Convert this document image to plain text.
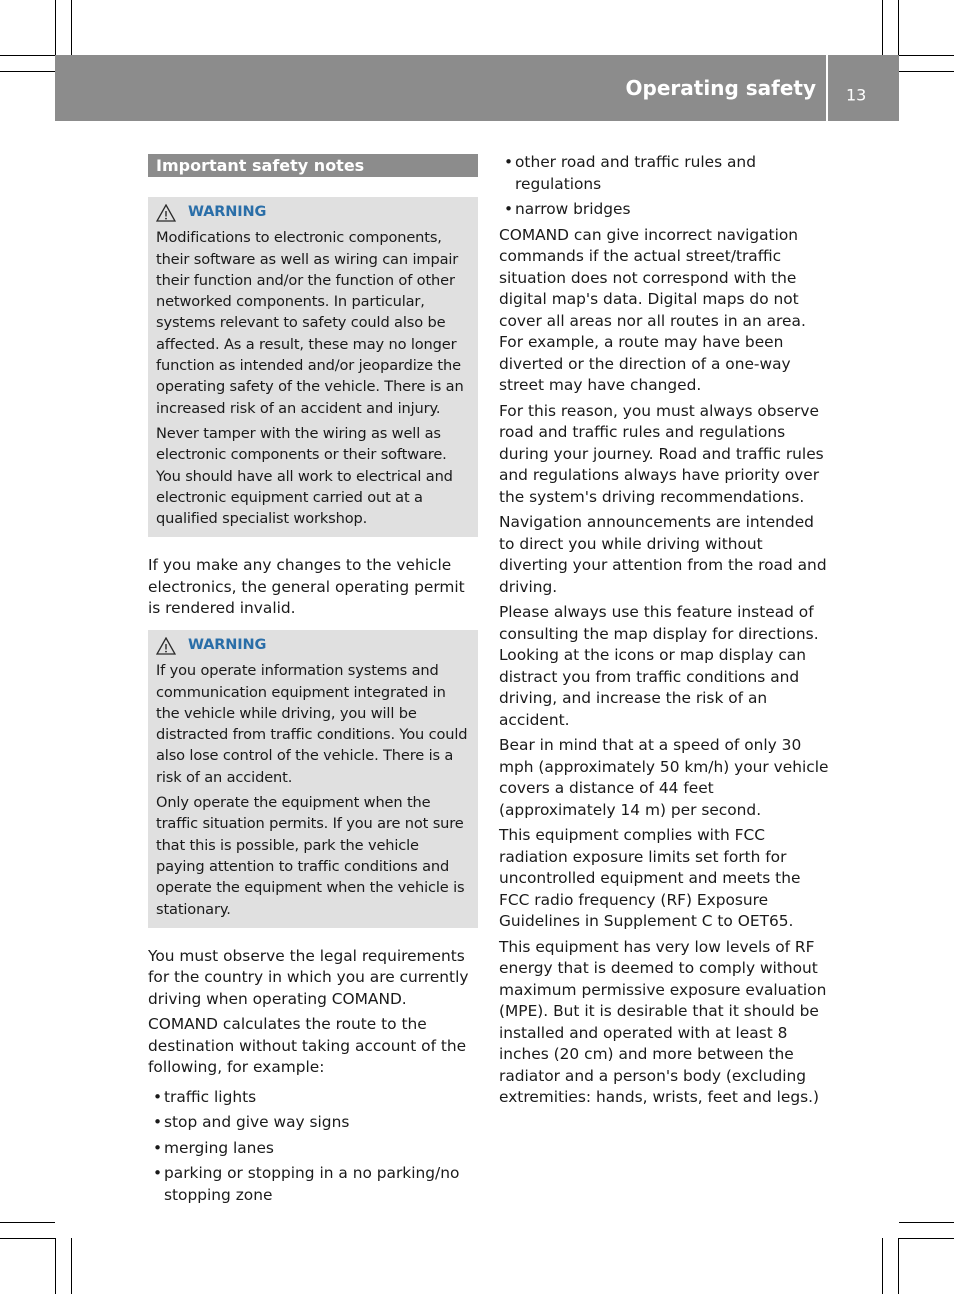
Operating safety 13
Important safety notes
WARNING

Modifications to electronic components, their software as well as wiring can impair their function and/or the function of other networked components. In particular, systems relevant to safety could also be affected. As a result, these may no longer function as intended and/or jeopardize the operating safety of the vehicle. There is an increased risk of an accident and injury.

Never tamper with the wiring as well as electronic components or their software. You should have all work to electrical and electronic equipment carried out at a qualified specialist workshop.

If you make any changes to the vehicle electronics, the general operating permit is rendered invalid.

WARNING

If you operate information systems and communication equipment integrated in the vehicle while driving, you will be distracted from traffic conditions. You could also lose control of the vehicle. There is a risk of an accident.

Only operate the equipment when the traffic situation permits. If you are not sure that this is possible, park the vehicle paying attention to traffic conditions and operate the equipment when the vehicle is stationary.

You must observe the legal requirements for the country in which you are currently driving when operating COMAND.

COMAND calculates the route to the destination without taking account of the following, for example:

• traffic lights
• stop and give way signs
• merging lanes
• parking or stopping in a no parking/no stopping zone
• other road and traffic rules and regulations
• narrow bridges

COMAND can give incorrect navigation commands if the actual street/traffic situation does not correspond with the digital map's data. Digital maps do not cover all areas nor all routes in an area. For example, a route may have been diverted or the direction of a one-way street may have changed.

For this reason, you must always observe road and traffic rules and regulations during your journey. Road and traffic rules and regulations always have priority over the system's driving recommendations.

Navigation announcements are intended to direct you while driving without diverting your attention from the road and driving.

Please always use this feature instead of consulting the map display for directions. Looking at the icons or map display can distract you from traffic conditions and driving, and increase the risk of an accident.

Bear in mind that at a speed of only 30 mph (approximately 50 km/h) your vehicle covers a distance of 44 feet (approximately 14 m) per second.

This equipment complies with FCC radiation exposure limits set forth for uncontrolled equipment and meets the FCC radio frequency (RF) Exposure Guidelines in Supplement C to OET65.

This equipment has very low levels of RF energy that is deemed to comply without maximum permissive exposure evaluation (MPE). But it is desirable that it should be installed and operated with at least 8 inches (20 cm) and more between the radiator and a person's body (excluding extremities: hands, wrists, feet and legs.)
